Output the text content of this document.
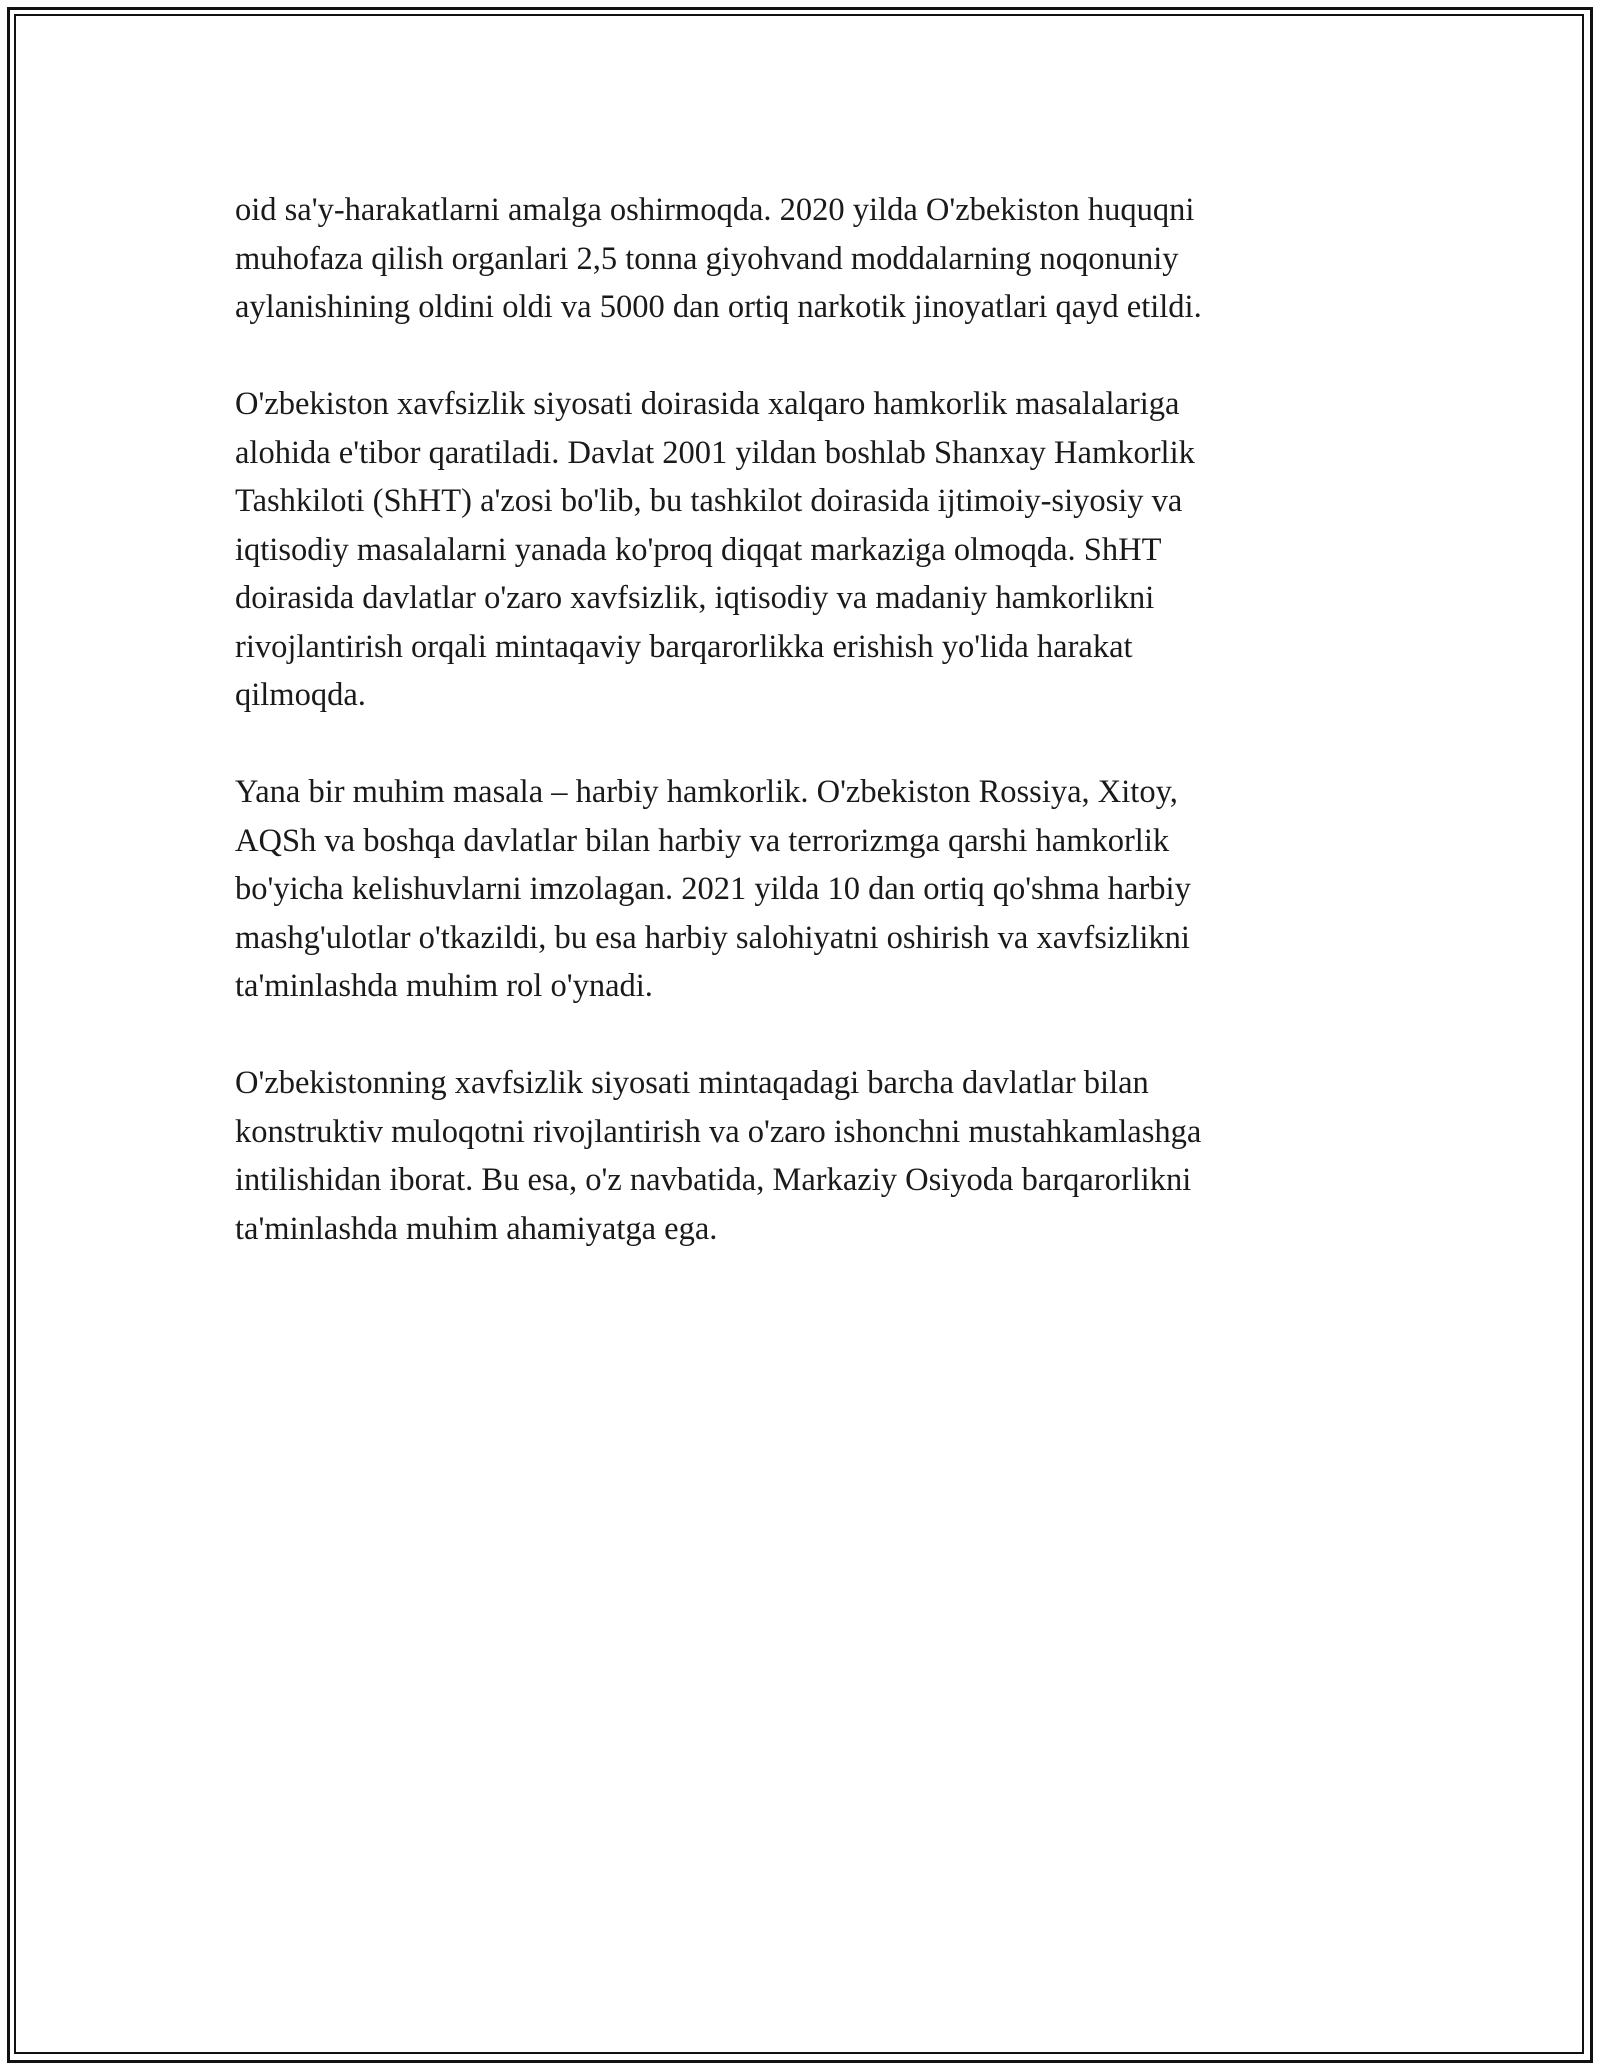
oid sa'y-harakatlarni amalga oshirmoqda. 2020 yilda O'zbekiston huquqni
muhofaza qilish organlari 2,5 tonna giyohvand moddalarning noqonuniy
aylanishining oldini oldi va 5000 dan ortiq narkotik jinoyatlari qayd etildi.

O'zbekiston xavfsizlik siyosati doirasida xalqaro hamkorlik masalalariga
alohida e'tibor qaratiladi. Davlat 2001 yildan boshlab Shanxay Hamkorlik
Tashkiloti (ShHT) a'zosi bo'lib, bu tashkilot doirasida ijtimoiy-siyosiy va
iqtisodiy masalalarni yanada ko'proq diqqat markaziga olmoqda. ShHT
doirasida davlatlar o'zaro xavfsizlik, iqtisodiy va madaniy hamkorlikni
rivojlantirish orqali mintaqaviy barqarorlikka erishish yo'lida harakat
qilmoqda.

Yana bir muhim masala – harbiy hamkorlik. O'zbekiston Rossiya, Xitoy,
AQSh va boshqa davlatlar bilan harbiy va terrorizmga qarshi hamkorlik
bo'yicha kelishuvlarni imzolagan. 2021 yilda 10 dan ortiq qo'shma harbiy
mashg'ulotlar o'tkazildi, bu esa harbiy salohiyatni oshirish va xavfsizlikni
ta'minlashda muhim rol o'ynadi.

O'zbekistonning xavfsizlik siyosati mintaqadagi barcha davlatlar bilan
konstruktiv muloqotni rivojlantirish va o'zaro ishonchni mustahkamlashga
intilishidan iborat. Bu esa, o'z navbatida, Markaziy Osiyoda barqarorlikni
ta'minlashda muhim ahamiyatga ega.
